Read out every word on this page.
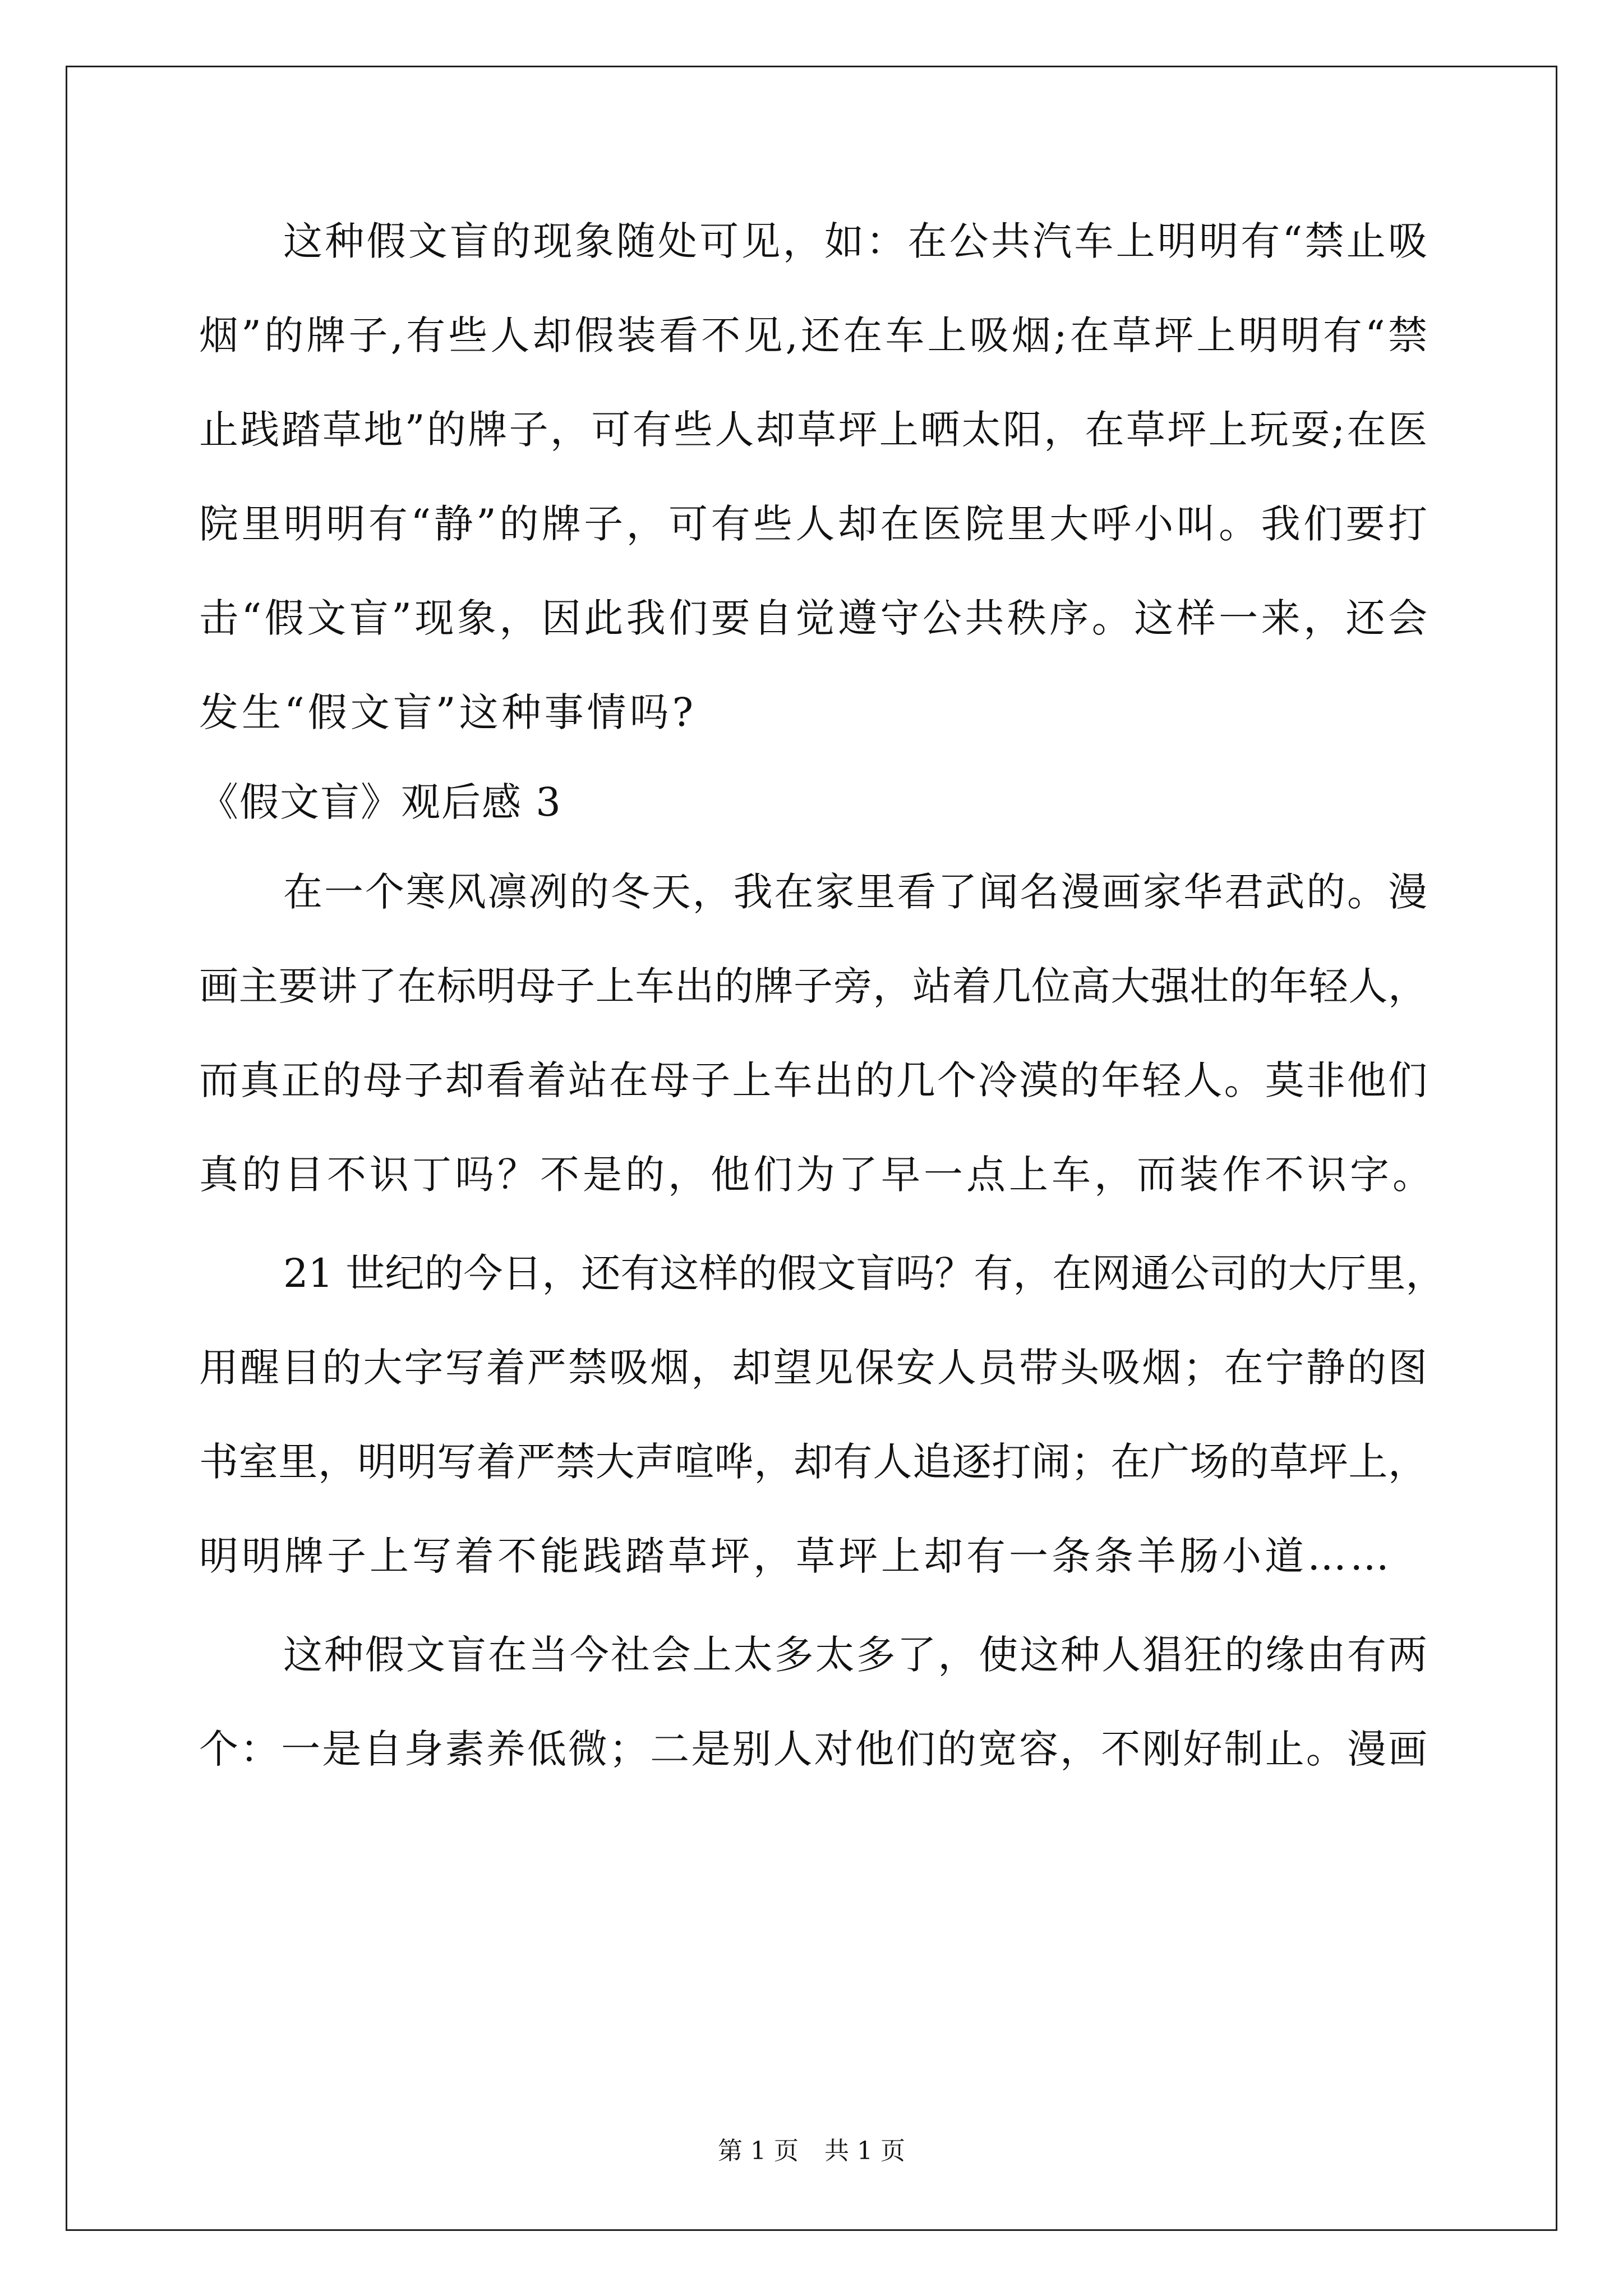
这种假文盲的现象随处可见，如：在公共汽车上明明有“禁止吸
烟”的牌子,有些人却假装看不见,还在车上吸烟;在草坪上明明有“禁
止践踏草地”的牌子，可有些人却草坪上晒太阳，在草坪上玩耍;在医
院里明明有“静”的牌子，可有些人却在医院里大呼小叫。我们要打
击“假文盲”现象，因此我们要自觉遵守公共秩序。这样一来，还会
发生“假文盲”这种事情吗?
《假文盲》观后感 3
在一个寒风凛冽的冬天，我在家里看了闻名漫画家华君武的。漫
画主要讲了在标明母子上车出的牌子旁，站着几位高大强壮的年轻人，
而真正的母子却看着站在母子上车出的几个冷漠的年轻人。莫非他们
真的目不识丁吗？不是的，他们为了早一点上车，而装作不识字。
21 世纪的今日，还有这样的假文盲吗？有，在网通公司的大厅里，
用醒目的大字写着严禁吸烟，却望见保安人员带头吸烟；在宁静的图
书室里，明明写着严禁大声喧哗，却有人追逐打闹；在广场的草坪上，
明明牌子上写着不能践踏草坪，草坪上却有一条条羊肠小道……
这种假文盲在当今社会上太多太多了，使这种人猖狂的缘由有两
个：一是自身素养低微；二是别人对他们的宽容，不刚好制止。漫画
第 1 页 共 1 页
